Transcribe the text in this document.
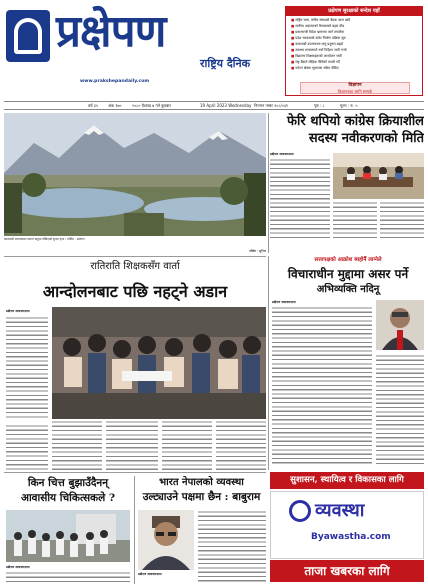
प्रक्षेपण
राष्ट्रिय दैनिक
www.prakshepandaily.com
प्रक्षेपण सुरक्षाको सन्देश यहाँ
■ राष्ट्रिय सभा, संघीय संसदको बैठक आज बस्दै
■ सर्वोच्च अदालतको फैसलाबारे बहस तीव्र
■ प्रधानमन्त्री विदेश भ्रमणमा जाने तयारीमा
■ प्रदेश सरकारको बजेट निर्माण प्रक्रिया सुरु
■ काठमाडौं उपत्यकामा वायु प्रदूषण बढ्दो
■ स्वास्थ्य मन्त्रालयले नयाँ निर्देशन जारी गर्‍यो
■ विद्यालय शिक्षकहरूको आन्दोलन जारी
■ राष्ट्र बैंकले मौद्रिक नीतिको तयारी गर्दै
■ पर्यटन क्षेत्रमा सुधारका संकेत देखिए
विज्ञापन
विज्ञापनका लागि सम्पर्क
वर्ष ३५	अंक १७०	२०८० वैशाख ७ गते बुधबार	19 April 2023 Wednesday नियमन नम्बर १०८/०३१	पृष्ठ : ८	मूल्य : रु. ५
काठमाडौं उपत्यकामा वसन्त ऋतुमा देखिएको सुन्दर दृश्य । तस्बिर : प्रक्षेपण
तस्बिर : सुनिल
फेरि थपियो कांग्रेस क्रियाशील
सदस्य नवीकरणको मिति
प्रक्षेपण समाचारदाता
रातिराति शिक्षकसँग वार्ता
आन्दोलनबाट पछि नहट्ने अडान
प्रक्षेपण समाचारदाता
सत्तापक्षको आक्रोश ब्यहोर्नै लाग्नेले
विचाराधीन मुद्दामा असर पर्ने
अभिव्यक्ति नदिनू
प्रक्षेपण समाचारदाता
सुशासन, स्थायित्व र विकासका लागि
व्यवस्था
Byawastha.com
ताजा खबरका लागि
किन चित्त बुझाउँदैनन्
आवासीय चिकित्सकले ?
प्रक्षेपण समाचारदाता
भारत नेपालको व्यवस्था
उल्ट्याउने पक्षमा छैन : बाबुराम
प्रक्षेपण समाचारदाता
